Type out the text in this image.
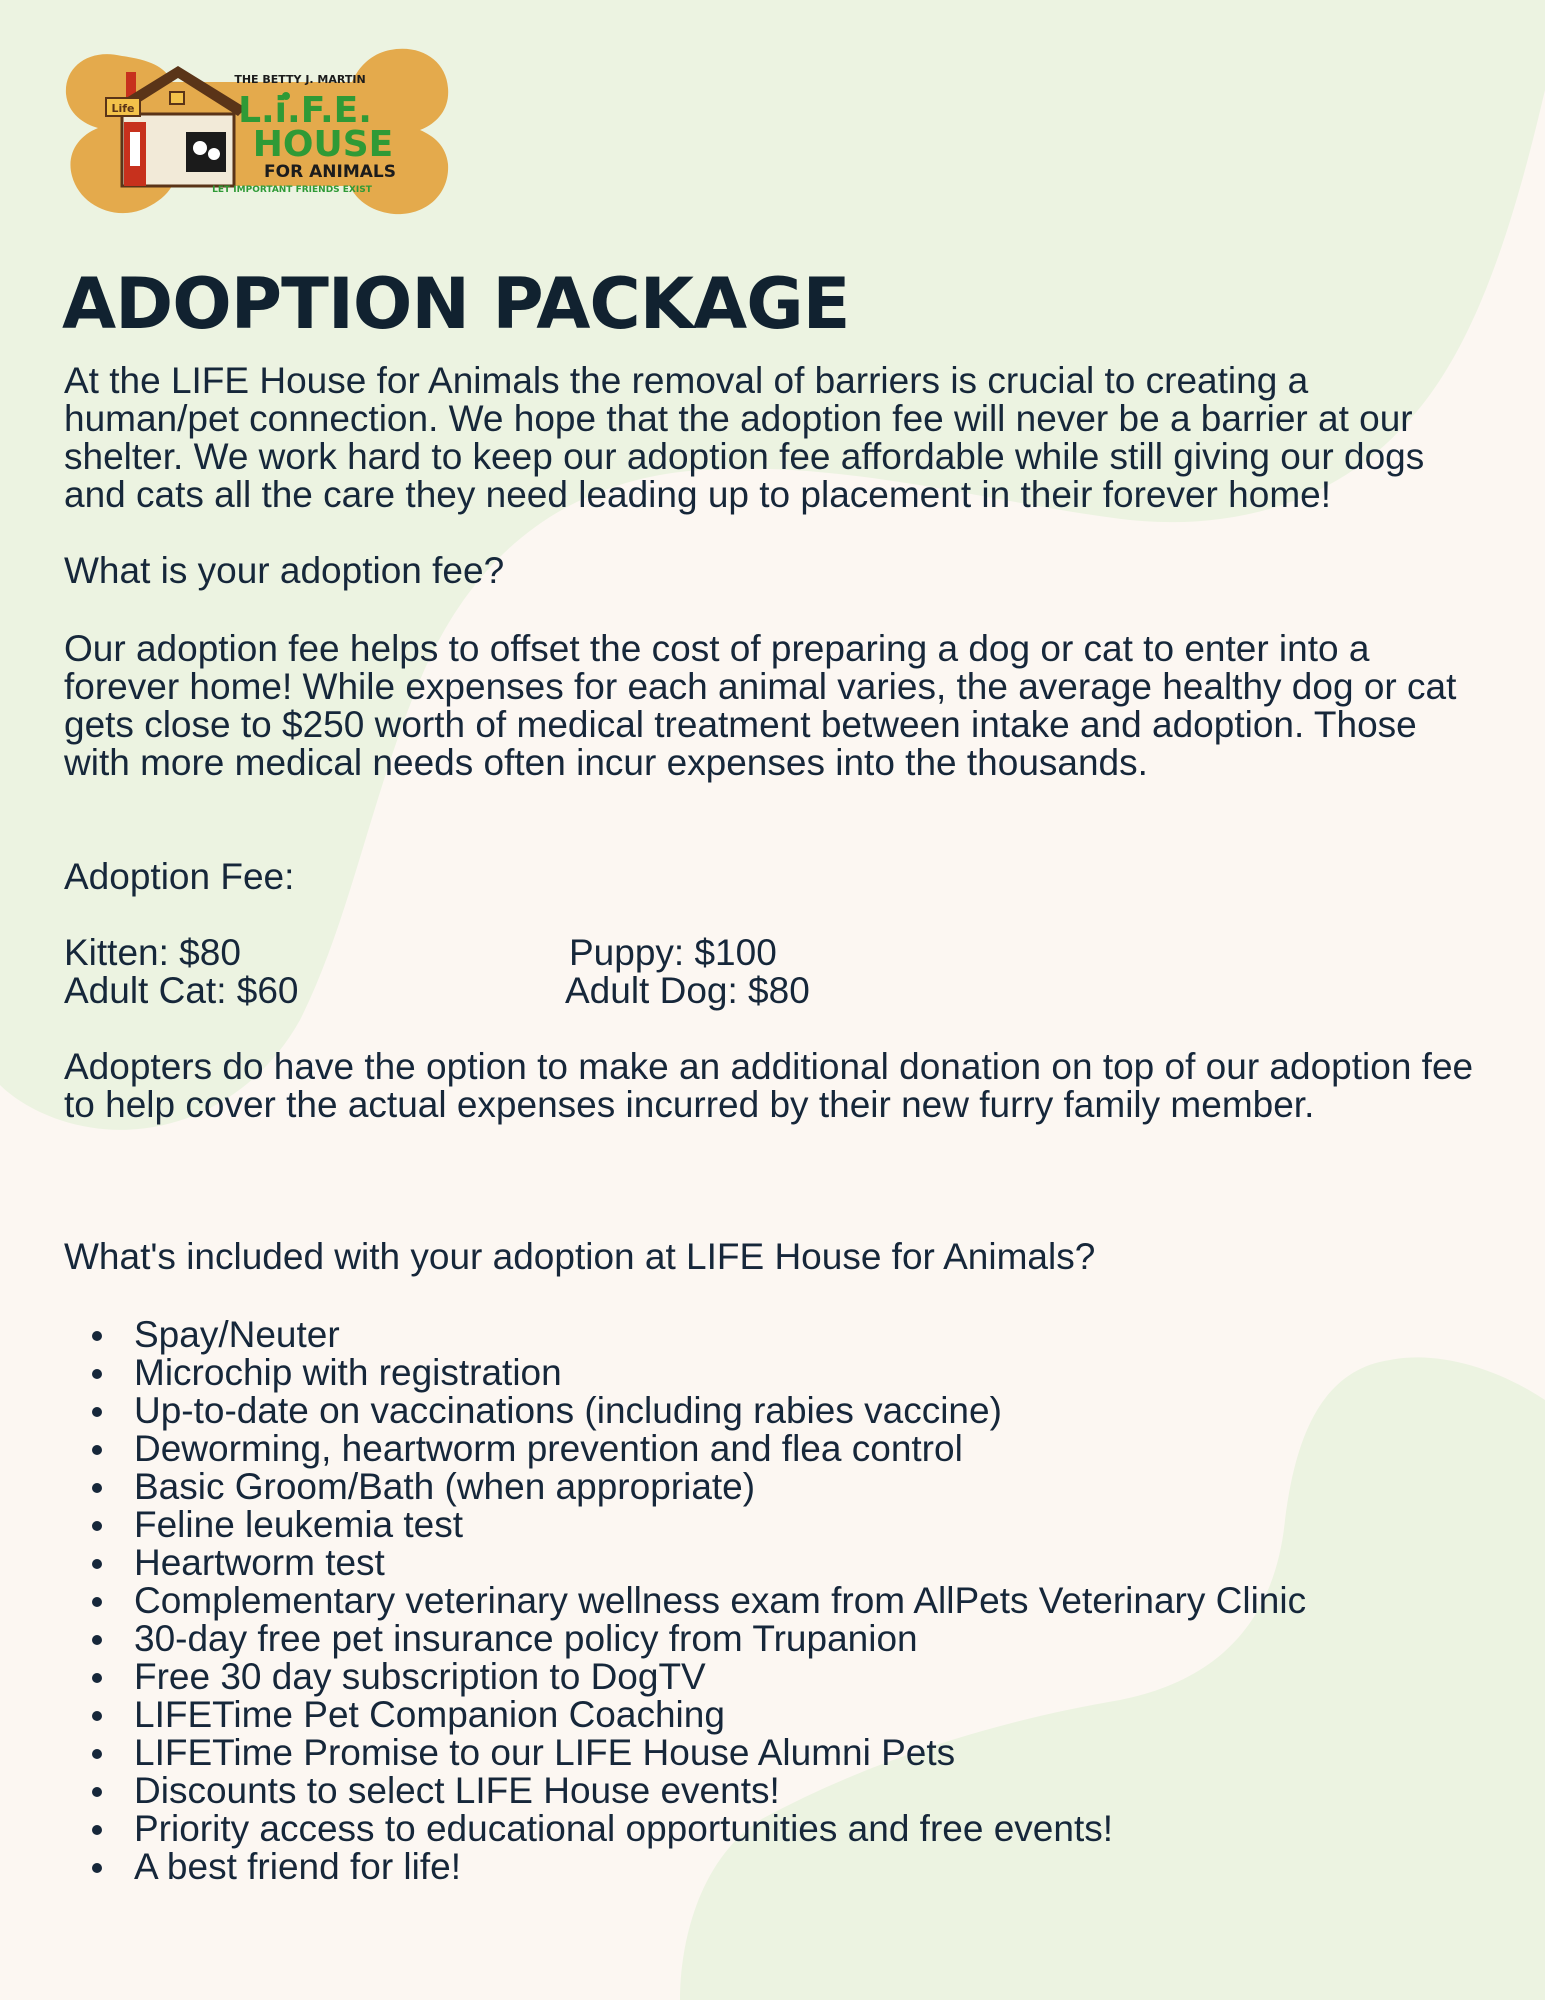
Life
THE BETTY J. MARTIN
L.i.F.E.
HOUSE
FOR ANIMALS
LET IMPORTANT FRIENDS EXIST
ADOPTION PACKAGE

At the LIFE House for Animals the removal of barriers is crucial to creating a human/pet connection. We hope that the adoption fee will never be a barrier at our shelter. We work hard to keep our adoption fee affordable while still giving our dogs and cats all the care they need leading up to placement in their forever home!

What is your adoption fee?

Our adoption fee helps to offset the cost of preparing a dog or cat to enter into a forever home! While expenses for each animal varies, the average healthy dog or cat gets close to $250 worth of medical treatment between intake and adoption. Those with more medical needs often incur expenses into the thousands.

Adoption Fee:

Kitten: $80	Puppy: $100
Adult Cat: $60	Adult Dog: $80

Adopters do have the option to make an additional donation on top of our adoption fee to help cover the actual expenses incurred by their new furry family member.

What's included with your adoption at LIFE House for Animals?

Spay/Neuter
Microchip with registration
Up-to-date on vaccinations (including rabies vaccine)
Deworming, heartworm prevention and flea control
Basic Groom/Bath (when appropriate)
Feline leukemia test
Heartworm test
Complementary veterinary wellness exam from AllPets Veterinary Clinic
30-day free pet insurance policy from Trupanion
Free 30 day subscription to DogTV
LIFETime Pet Companion Coaching
LIFETime Promise to our LIFE House Alumni Pets
Discounts to select LIFE House events!
Priority access to educational opportunities and free events!
A best friend for life!
